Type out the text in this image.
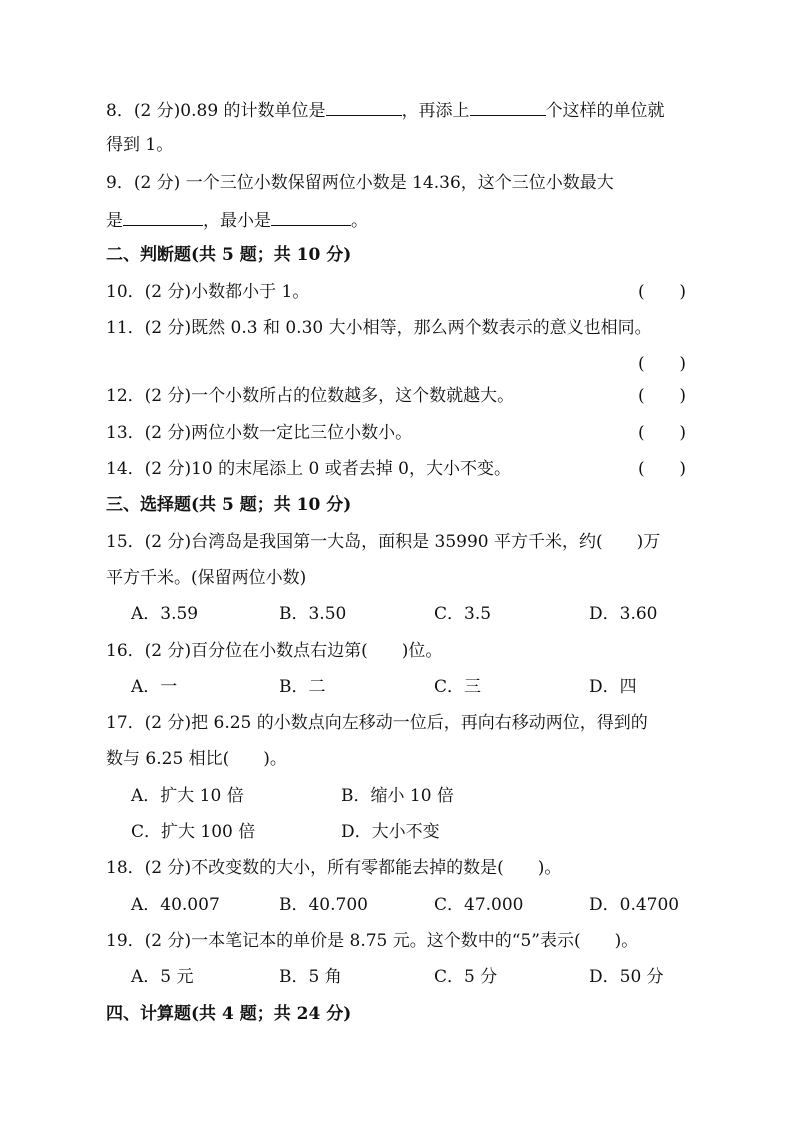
8．(2 分)0.89 的计数单位是	，再添上	个这样的单位就
得到 1。
9．(2 分) 一个三位小数保留两位小数是 14.36，这个三位小数最大
是	，最小是	。
二、判断题(共 5 题；共 10 分)
10．(2 分)小数都小于 1。	( )
11．(2 分)既然 0.3 和 0.30 大小相等，那么两个数表示的意义也相同。
( )
12．(2 分)一个小数所占的位数越多，这个数就越大。	( )
13．(2 分)两位小数一定比三位小数小。	( )
14．(2 分)10 的末尾添上 0 或者去掉 0，大小不变。	( )
三、选择题(共 5 题；共 10 分)
15．(2 分)台湾岛是我国第一大岛，面积是 35990 平方千米，约(　　)万
平方千米。(保留两位小数)
A．3.59	B．3.50	C．3.5	D．3.60
16．(2 分)百分位在小数点右边第(　　)位。
A．一	B．二	C．三	D．四
17．(2 分)把 6.25 的小数点向左移动一位后，再向右移动两位，得到的
数与 6.25 相比(　　)。
A．扩大 10 倍	B．缩小 10 倍
C．扩大 100 倍	D．大小不变
18．(2 分)不改变数的大小，所有零都能去掉的数是(　　)。
A．40.007	B．40.700	C．47.000	D．0.4700
19．(2 分)一本笔记本的单价是 8.75 元。这个数中的“5”表示(　　)。
A．5 元	B．5 角	C．5 分	D．50 分
四、计算题(共 4 题；共 24 分)
